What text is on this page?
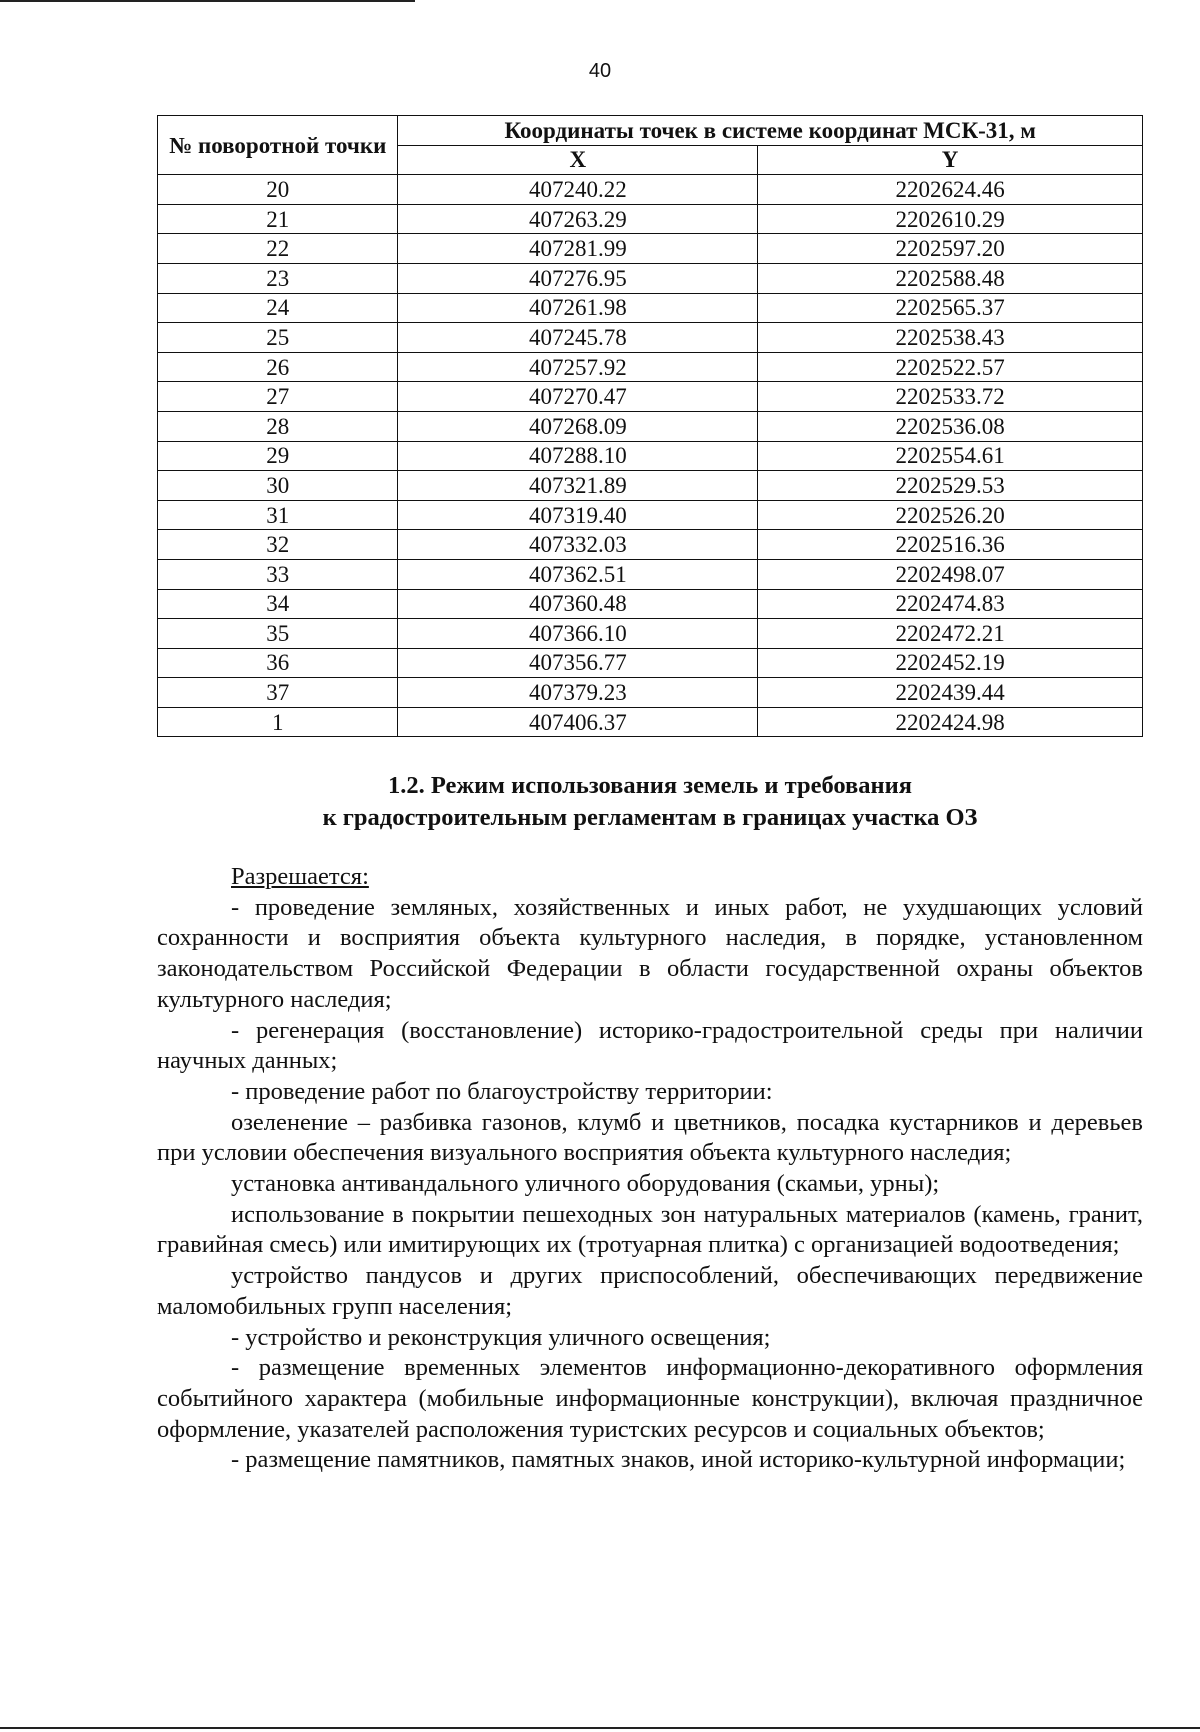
40
№ поворотной точки	Координаты точек в системе координат МСК-31, м	
	X	Y
20	407240.22	2202624.46
21	407263.29	2202610.29
22	407281.99	2202597.20
23	407276.95	2202588.48
24	407261.98	2202565.37
25	407245.78	2202538.43
26	407257.92	2202522.57
27	407270.47	2202533.72
28	407268.09	2202536.08
29	407288.10	2202554.61
30	407321.89	2202529.53
31	407319.40	2202526.20
32	407332.03	2202516.36
33	407362.51	2202498.07
34	407360.48	2202474.83
35	407366.10	2202472.21
36	407356.77	2202452.19
37	407379.23	2202439.44
1	407406.37	2202424.98
1.2. Режим использования земель и требования
к градостроительным регламентам в границах участка ОЗ

Разрешается:

- проведение земляных, хозяйственных и иных работ, не ухудшающих условий сохранности и восприятия объекта культурного наследия, в порядке, установленном законодательством Российской Федерации в области государственной охраны объектов культурного наследия;

- регенерация (восстановление) историко-градостроительной среды при наличии научных данных;

- проведение работ по благоустройству территории:

озеленение – разбивка газонов, клумб и цветников, посадка кустарников и деревьев при условии обеспечения визуального восприятия объекта культурного наследия;

установка антивандального уличного оборудования (скамьи, урны);

использование в покрытии пешеходных зон натуральных материалов (камень, гранит, гравийная смесь) или имитирующих их (тротуарная плитка) с организацией водоотведения;

устройство пандусов и других приспособлений, обеспечивающих передвижение маломобильных групп населения;

- устройство и реконструкция уличного освещения;

- размещение временных элементов информационно-декоративного оформления событийного характера (мобильные информационные конструкции), включая праздничное оформление, указателей расположения туристских ресурсов и социальных объектов;

- размещение памятников, памятных знаков, иной историко-культурной информации;
